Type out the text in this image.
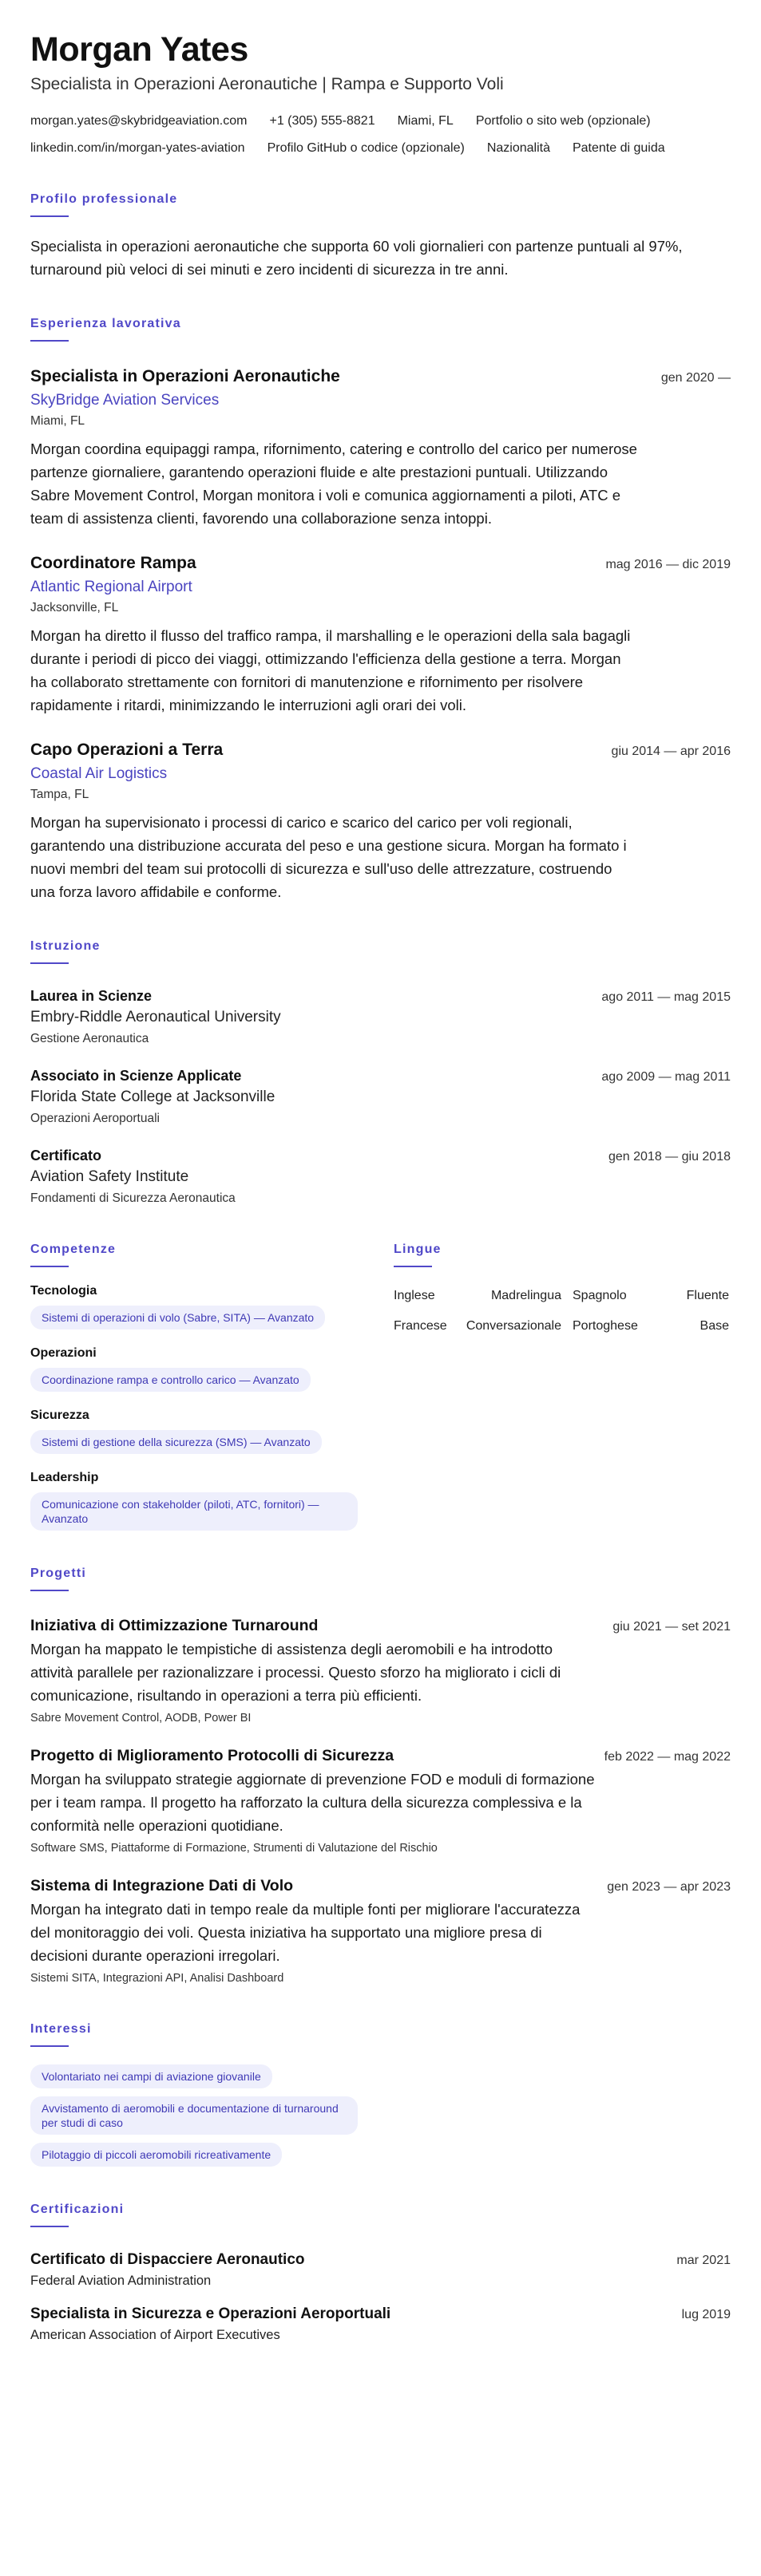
Morgan Yates
Specialista in Operazioni Aeronautiche | Rampa e Supporto Voli
morgan.yates@skybridgeaviation.com +1 (305) 555-8821 Miami, FL Portfolio o sito web (opzionale)
linkedin.com/in/morgan-yates-aviation Profilo GitHub o codice (opzionale) Nazionalità Patente di guida
Profilo professionale
Specialista in operazioni aeronautiche che supporta 60 voli giornalieri con partenze puntuali al 97%, turnaround più veloci di sei minuti e zero incidenti di sicurezza in tre anni.
Esperienza lavorativa
Specialista in Operazioni Aeronautiche	gen 2020 —
SkyBridge Aviation Services
Miami, FL
Morgan coordina equipaggi rampa, rifornimento, catering e controllo del carico per numerose partenze giornaliere, garantendo operazioni fluide e alte prestazioni puntuali. Utilizzando Sabre Movement Control, Morgan monitora i voli e comunica aggiornamenti a piloti, ATC e team di assistenza clienti, favorendo una collaborazione senza intoppi.
Coordinatore Rampa	mag 2016 — dic 2019
Atlantic Regional Airport
Jacksonville, FL
Morgan ha diretto il flusso del traffico rampa, il marshalling e le operazioni della sala bagagli durante i periodi di picco dei viaggi, ottimizzando l'efficienza della gestione a terra. Morgan ha collaborato strettamente con fornitori di manutenzione e rifornimento per risolvere rapidamente i ritardi, minimizzando le interruzioni agli orari dei voli.
Capo Operazioni a Terra	giu 2014 — apr 2016
Coastal Air Logistics
Tampa, FL
Morgan ha supervisionato i processi di carico e scarico del carico per voli regionali, garantendo una distribuzione accurata del peso e una gestione sicura. Morgan ha formato i nuovi membri del team sui protocolli di sicurezza e sull'uso delle attrezzature, costruendo una forza lavoro affidabile e conforme.
Istruzione
Laurea in Scienze	ago 2011 — mag 2015
Embry-Riddle Aeronautical University
Gestione Aeronautica
Associato in Scienze Applicate	ago 2009 — mag 2011
Florida State College at Jacksonville
Operazioni Aeroportuali
Certificato	gen 2018 — giu 2018
Aviation Safety Institute
Fondamenti di Sicurezza Aeronautica
Competenze
Tecnologia
Sistemi di operazioni di volo (Sabre, SITA) — Avanzato
Operazioni
Coordinazione rampa e controllo carico — Avanzato
Sicurezza
Sistemi di gestione della sicurezza (SMS) — Avanzato
Leadership
Comunicazione con stakeholder (piloti, ATC, fornitori) — Avanzato
Lingue
Inglese	Madrelingua Spagnolo	Fluente
Francese	Conversazionale Portoghese	Base
Progetti
Iniziativa di Ottimizzazione Turnaround	giu 2021 — set 2021
Morgan ha mappato le tempistiche di assistenza degli aeromobili e ha introdotto attività parallele per razionalizzare i processi. Questo sforzo ha migliorato i cicli di comunicazione, risultando in operazioni a terra più efficienti.
Sabre Movement Control, AODB, Power BI
Progetto di Miglioramento Protocolli di Sicurezza	feb 2022 — mag 2022
Morgan ha sviluppato strategie aggiornate di prevenzione FOD e moduli di formazione per i team rampa. Il progetto ha rafforzato la cultura della sicurezza complessiva e la conformità nelle operazioni quotidiane.
Software SMS, Piattaforme di Formazione, Strumenti di Valutazione del Rischio
Sistema di Integrazione Dati di Volo	gen 2023 — apr 2023
Morgan ha integrato dati in tempo reale da multiple fonti per migliorare l'accuratezza del monitoraggio dei voli. Questa iniziativa ha supportato una migliore presa di decisioni durante operazioni irregolari.
Sistemi SITA, Integrazioni API, Analisi Dashboard
Interessi
Volontariato nei campi di aviazione giovanile
Avvistamento di aeromobili e documentazione di turnaround per studi di caso
Pilotaggio di piccoli aeromobili ricreativamente
Certificazioni
Certificato di Dispacciere Aeronautico	mar 2021
Federal Aviation Administration
Specialista in Sicurezza e Operazioni Aeroportuali	lug 2019
American Association of Airport Executives
